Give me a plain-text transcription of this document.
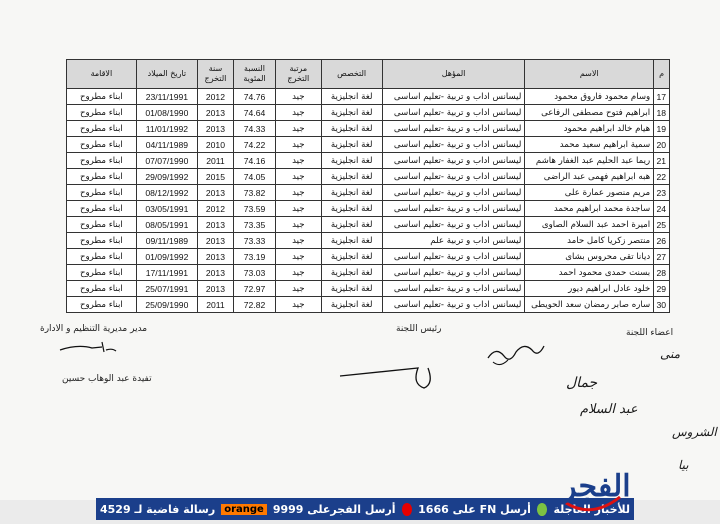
م	الاسم	المؤهل	التخصص	مرتبة التخرج	النسبة المئوية	سنة التخرج	تاريخ الميلاد	الاقامة
17	وسام محمود فاروق محمود	ليسانس اداب و تربية -تعليم اساسى	لغة انجليزية	جيد	74.76	2012	23/11/1991	ابناء مطروح
18	ابراهيم فتوح مصطفى الرفاعى	ليسانس اداب و تربية -تعليم اساسى	لغة انجليزية	جيد	74.64	2013	01/08/1990	ابناء مطروح
19	هيام خالد ابراهيم محمود	ليسانس اداب و تربية -تعليم اساسى	لغة انجليزية	جيد	74.33	2013	11/01/1992	ابناء مطروح
20	سمية ابراهيم سعيد محمد	ليسانس اداب و تربية -تعليم اساسى	لغة انجليزية	جيد	74.22	2010	04/11/1989	ابناء مطروح
21	ريما عبد الحليم عبد الغفار هاشم	ليسانس اداب و تربية -تعليم اساسى	لغة انجليزية	جيد	74.16	2011	07/07/1990	ابناء مطروح
22	هبه ابراهيم فهمى عبد الراضى	ليسانس اداب و تربية -تعليم اساسى	لغة انجليزية	جيد	74.05	2015	29/09/1992	ابناء مطروح
23	مريم منصور عمارة على	ليسانس اداب و تربية -تعليم اساسى	لغة انجليزية	جيد	73.82	2013	08/12/1992	ابناء مطروح
24	ساجدة محمد ابراهيم محمد	ليسانس اداب و تربية -تعليم اساسى	لغة انجليزية	جيد	73.59	2012	03/05/1991	ابناء مطروح
25	اميرة احمد عبد السلام الصاوى	ليسانس اداب و تربية -تعليم اساسى	لغة انجليزية	جيد	73.35	2013	08/05/1991	ابناء مطروح
26	منتصر زكريا كامل حامد	ليسانس اداب و تربية علم	لغة انجليزية	جيد	73.33	2013	09/11/1989	ابناء مطروح
27	ديانا تقى محروس بشاى	ليسانس اداب و تربية -تعليم اساسى	لغة انجليزية	جيد	73.19	2013	01/09/1992	ابناء مطروح
28	بسنت حمدى محمود احمد	ليسانس اداب و تربية -تعليم اساسى	لغة انجليزية	جيد	73.03	2013	17/11/1991	ابناء مطروح
29	خلود عادل ابراهيم ديور	ليسانس اداب و تربية -تعليم اساسى	لغة انجليزية	جيد	72.97	2013	25/07/1991	ابناء مطروح
30	ساره صابر رمضان سعد الحويطى	ليسانس اداب و تربية -تعليم اساسى	لغة انجليزية	جيد	72.82	2011	25/09/1990	ابناء مطروح
اعضاء اللجنة
رئيس اللجنة
مدير مديرية التنظيم و الادارة
تفيدة عبد الوهاب حسين
منى
جمال
عبد السلام
الشروس
بيا
للأخبار العاجلة
أرسل FN على 1666
أرسل الفجرعلى 9999
orange
رسالة فاضية لـ 4529
الفجر
